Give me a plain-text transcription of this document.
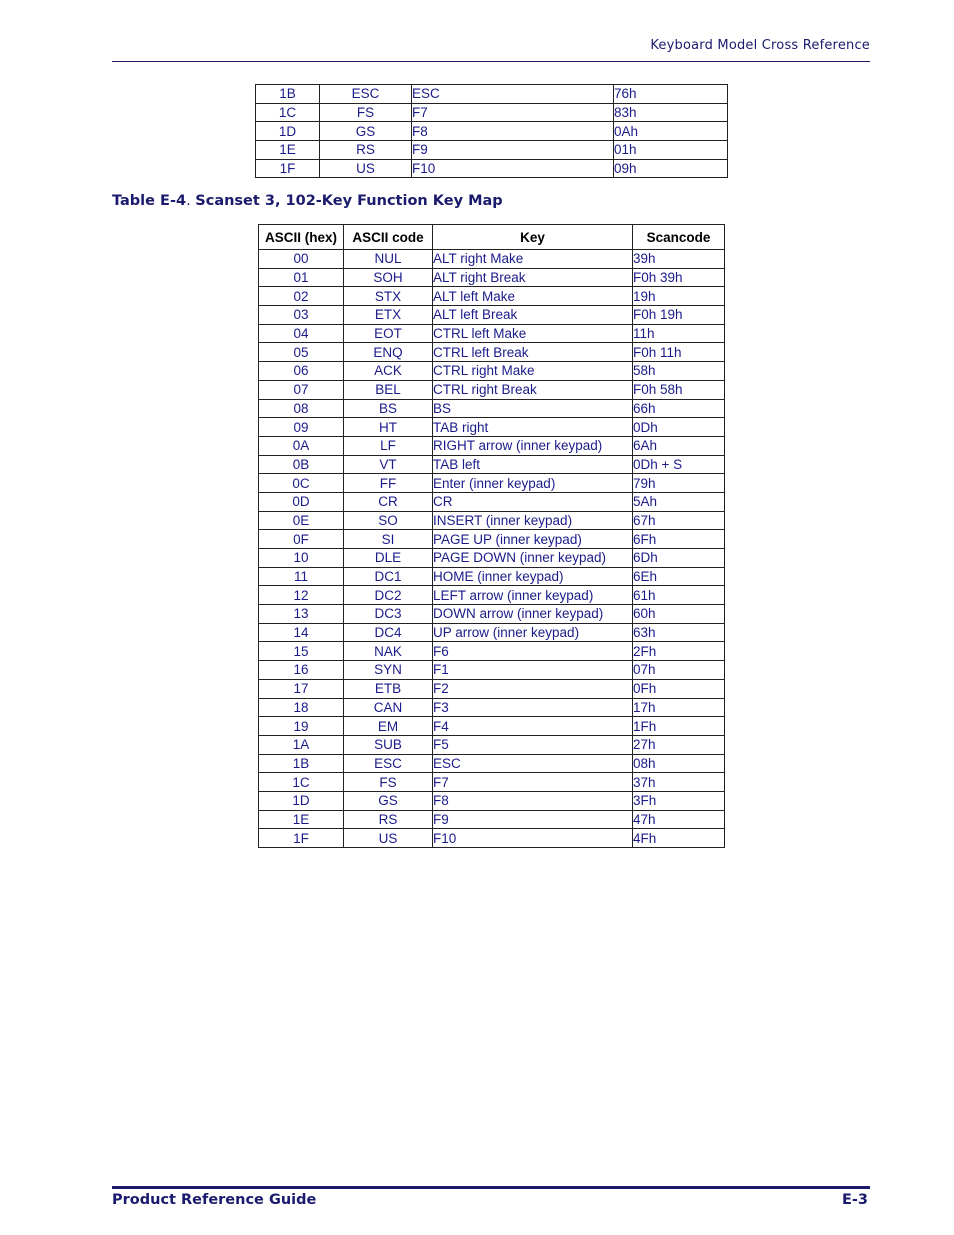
Keyboard Model Cross Reference
1B	ESC	ESC	76h
1C	FS	F7	83h
1D	GS	F8	0Ah
1E	RS	F9	01h
1F	US	F10	09h
Table E-4. Scanset 3, 102-Key Function Key Map
ASCII (hex)	ASCII code	Key	Scancode
00	NUL	ALT right Make	39h
01	SOH	ALT right Break	F0h 39h
02	STX	ALT left Make	19h
03	ETX	ALT left Break	F0h 19h
04	EOT	CTRL left Make	11h
05	ENQ	CTRL left Break	F0h 11h
06	ACK	CTRL right Make	58h
07	BEL	CTRL right Break	F0h 58h
08	BS	BS	66h
09	HT	TAB right	0Dh
0A	LF	RIGHT arrow (inner keypad)	6Ah
0B	VT	TAB left	0Dh + S
0C	FF	Enter (inner keypad)	79h
0D	CR	CR	5Ah
0E	SO	INSERT (inner keypad)	67h
0F	SI	PAGE UP (inner keypad)	6Fh
10	DLE	PAGE DOWN (inner keypad)	6Dh
11	DC1	HOME (inner keypad)	6Eh
12	DC2	LEFT arrow (inner keypad)	61h
13	DC3	DOWN arrow (inner keypad)	60h
14	DC4	UP arrow (inner keypad)	63h
15	NAK	F6	2Fh
16	SYN	F1	07h
17	ETB	F2	0Fh
18	CAN	F3	17h
19	EM	F4	1Fh
1A	SUB	F5	27h
1B	ESC	ESC	08h
1C	FS	F7	37h
1D	GS	F8	3Fh
1E	RS	F9	47h
1F	US	F10	4Fh
Product Reference Guide	E-3
